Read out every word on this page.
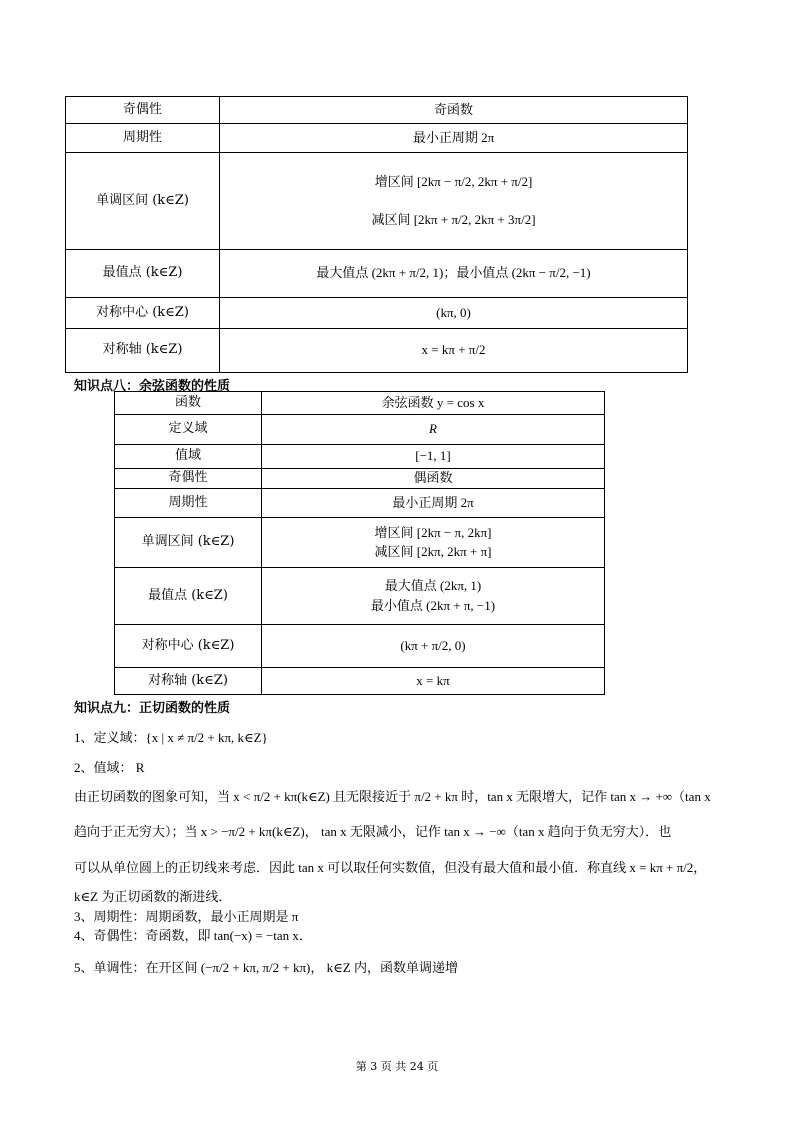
奇偶性	奇函数
周期性	最小正周期 2π
单调区间 (k∈Z)	增区间 [2kπ − π/2, 2kπ + π/2]
减区间 [2kπ + π/2, 2kπ + 3π/2]

最值点 (k∈Z)	最大值点 (2kπ + π/2, 1)；最小值点 (2kπ − π/2, −1)
对称中心 (k∈Z)	(kπ, 0)
对称轴 (k∈Z)	x = kπ + π/2
知识点八：余弦函数的性质
函数	余弦函数 y = cos x
定义域	R
值域	[−1, 1]
奇偶性	偶函数
周期性	最小正周期 2π
单调区间 (k∈Z)	增区间 [2kπ − π, 2kπ]
减区间 [2kπ, 2kπ + π]

最值点 (k∈Z)	最大值点 (2kπ, 1)
最小值点 (2kπ + π, −1)

对称中心 (k∈Z)	(kπ + π/2, 0)
对称轴 (k∈Z)	x = kπ
知识点九：正切函数的性质
1、定义域：{x | x ≠ π/2 + kπ, k∈Z}
2、值域： R
由正切函数的图象可知，当 x < π/2 + kπ(k∈Z) 且无限接近于 π/2 + kπ 时，tan x 无限增大，记作 tan x → +∞（tan x
趋向于正无穷大）；当 x > −π/2 + kπ(k∈Z)， tan x 无限减小，记作 tan x → −∞（tan x 趋向于负无穷大）．也
可以从单位圆上的正切线来考虑．因此 tan x 可以取任何实数值，但没有最大值和最小值．称直线 x = kπ + π/2，
k∈Z 为正切函数的渐进线．
3、周期性：周期函数，最小正周期是 π
4、奇偶性：奇函数，即 tan(−x) = −tan x．
5、单调性：在开区间 (−π/2 + kπ, π/2 + kπ)， k∈Z 内，函数单调递增
第 3 页 共 24 页
